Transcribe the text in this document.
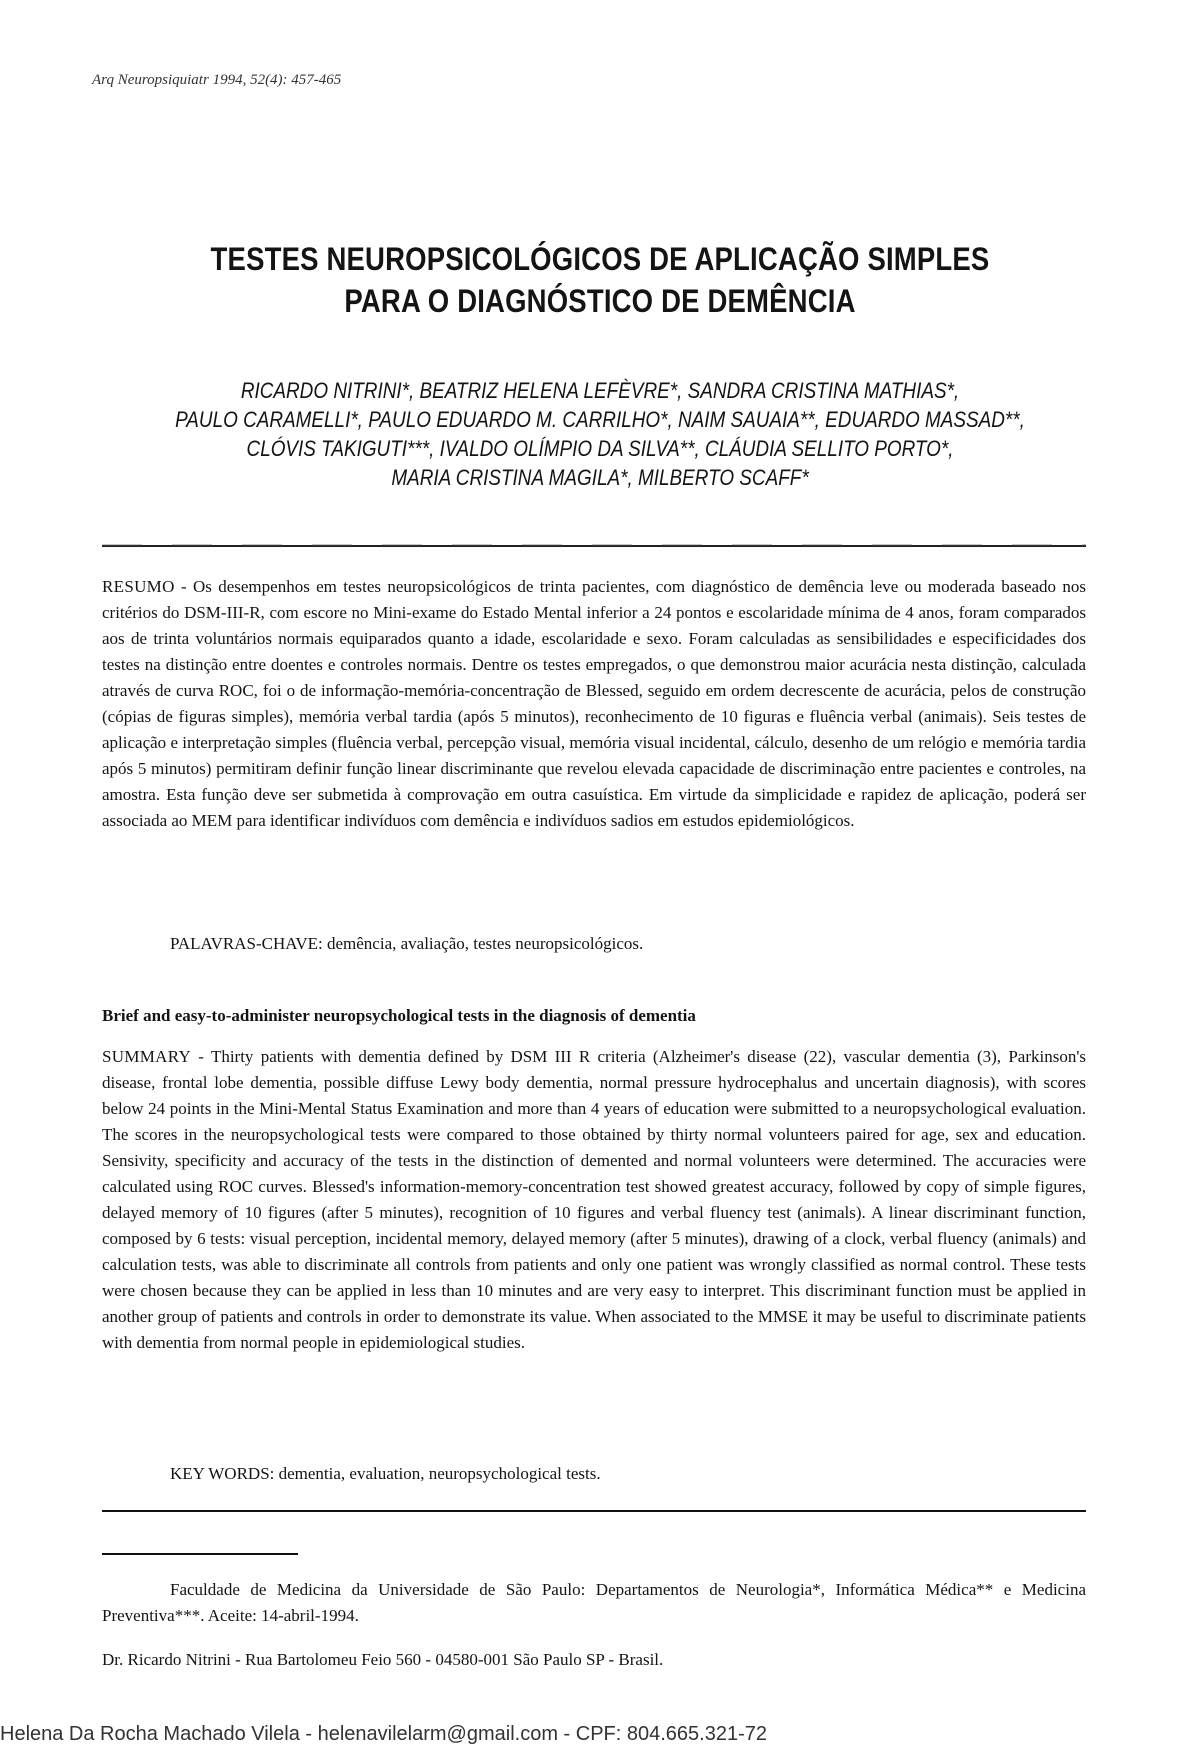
Arq Neuropsiquiatr 1994, 52(4): 457-465
TESTES NEUROPSICOLÓGICOS DE APLICAÇÃO SIMPLES
PARA O DIAGNÓSTICO DE DEMÊNCIA
RICARDO NITRINI*, BEATRIZ HELENA LEFÈVRE*, SANDRA CRISTINA MATHIAS*,
PAULO CARAMELLI*, PAULO EDUARDO M. CARRILHO*, NAIM SAUAIA**, EDUARDO MASSAD**,
CLÓVIS TAKIGUTI***, IVALDO OLÍMPIO DA SILVA**, CLÁUDIA SELLITO PORTO*,
MARIA CRISTINA MAGILA*, MILBERTO SCAFF*
RESUMO - Os desempenhos em testes neuropsicológicos de trinta pacientes, com diagnóstico de demência leve ou moderada baseado nos critérios do DSM-III-R, com escore no Mini-exame do Estado Mental inferior a 24 pontos e escolaridade mínima de 4 anos, foram comparados aos de trinta voluntários normais equiparados quanto a idade, escolaridade e sexo. Foram calculadas as sensibilidades e especificidades dos testes na distinção entre doentes e controles normais. Dentre os testes empregados, o que demonstrou maior acurácia nesta distinção, calculada através de curva ROC, foi o de informação-memória-concentração de Blessed, seguido em ordem decrescente de acurácia, pelos de construção (cópias de figuras simples), memória verbal tardia (após 5 minutos), reconhecimento de 10 figuras e fluência verbal (animais). Seis testes de aplicação e interpretação simples (fluência verbal, percepção visual, memória visual incidental, cálculo, desenho de um relógio e memória tardia após 5 minutos) permitiram definir função linear discriminante que revelou elevada capacidade de discriminação entre pacientes e controles, na amostra. Esta função deve ser submetida à comprovação em outra casuística. Em virtude da simplicidade e rapidez de aplicação, poderá ser associada ao MEM para identificar indivíduos com demência e indivíduos sadios em estudos epidemiológicos.
PALAVRAS-CHAVE: demência, avaliação, testes neuropsicológicos.
Brief and easy-to-administer neuropsychological tests in the diagnosis of dementia
SUMMARY - Thirty patients with dementia defined by DSM III R criteria (Alzheimer's disease (22), vascular dementia (3), Parkinson's disease, frontal lobe dementia, possible diffuse Lewy body dementia, normal pressure hydrocephalus and uncertain diagnosis), with scores below 24 points in the Mini-Mental Status Examination and more than 4 years of education were submitted to a neuropsychological evaluation. The scores in the neuropsychological tests were compared to those obtained by thirty normal volunteers paired for age, sex and education. Sensivity, specificity and accuracy of the tests in the distinction of demented and normal volunteers were determined. The accuracies were calculated using ROC curves. Blessed's information-memory-concentration test showed greatest accuracy, followed by copy of simple figures, delayed memory of 10 figures (after 5 minutes), recognition of 10 figures and verbal fluency test (animals). A linear discriminant function, composed by 6 tests: visual perception, incidental memory, delayed memory (after 5 minutes), drawing of a clock, verbal fluency (animals) and calculation tests, was able to discriminate all controls from patients and only one patient was wrongly classified as normal control. These tests were chosen because they can be applied in less than 10 minutes and are very easy to interpret. This discriminant function must be applied in another group of patients and controls in order to demonstrate its value. When associated to the MMSE it may be useful to discriminate patients with dementia from normal people in epidemiological studies.
KEY WORDS: dementia, evaluation, neuropsychological tests.
Faculdade de Medicina da Universidade de São Paulo: Departamentos de Neurologia*, Informática Médica** e Medicina Preventiva***. Aceite: 14-abril-1994.
Dr. Ricardo Nitrini - Rua Bartolomeu Feio 560 - 04580-001 São Paulo SP - Brasil.
Helena Da Rocha Machado Vilela - helenavilelarm@gmail.com - CPF: 804.665.321-72
